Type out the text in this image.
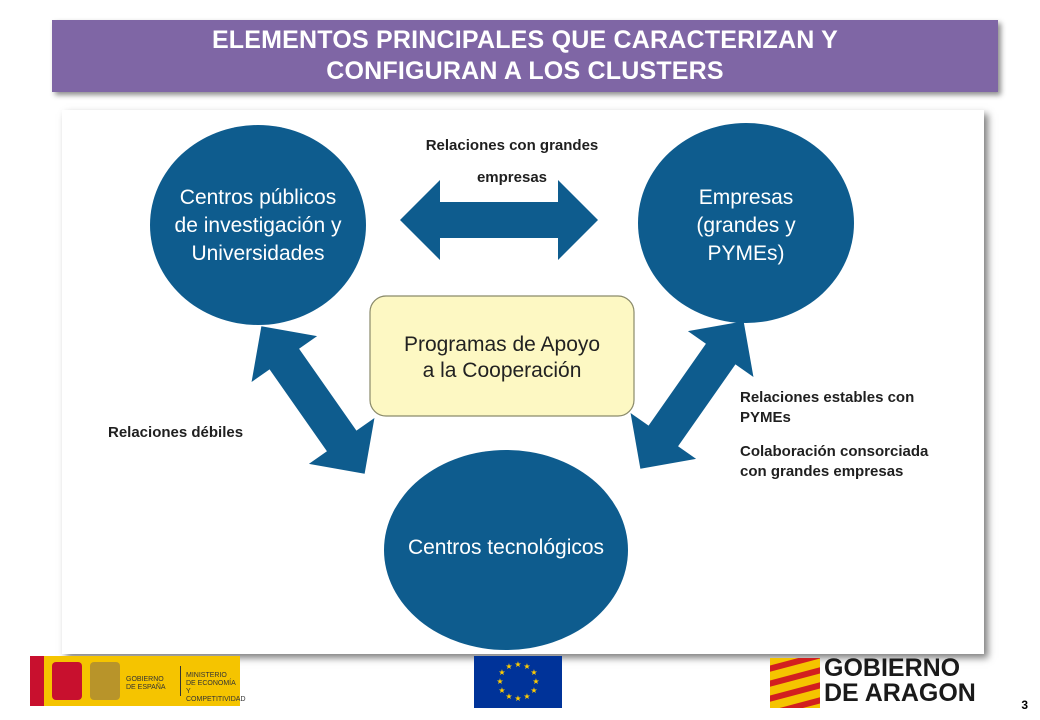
ELEMENTOS PRINCIPALES QUE CARACTERIZAN Y
CONFIGURAN A LOS CLUSTERS
Centros públicos
de investigación y
Universidades
Empresas
(grandes y
PYMEs)
Centros tecnológicos
Programas de Apoyo
a la Cooperación
Relaciones con grandes
empresas
Relaciones débiles
Relaciones estables con
PYMEs
Colaboración consorciada
con grandes empresas
GOBIERNO
DE ESPAÑA
MINISTERIO
DE ECONOMÍA
Y COMPETITIVIDAD
★ ★
★
★
★
★
★
★
★
★
★
★	GOBIERNO
DE ARAGON	3
